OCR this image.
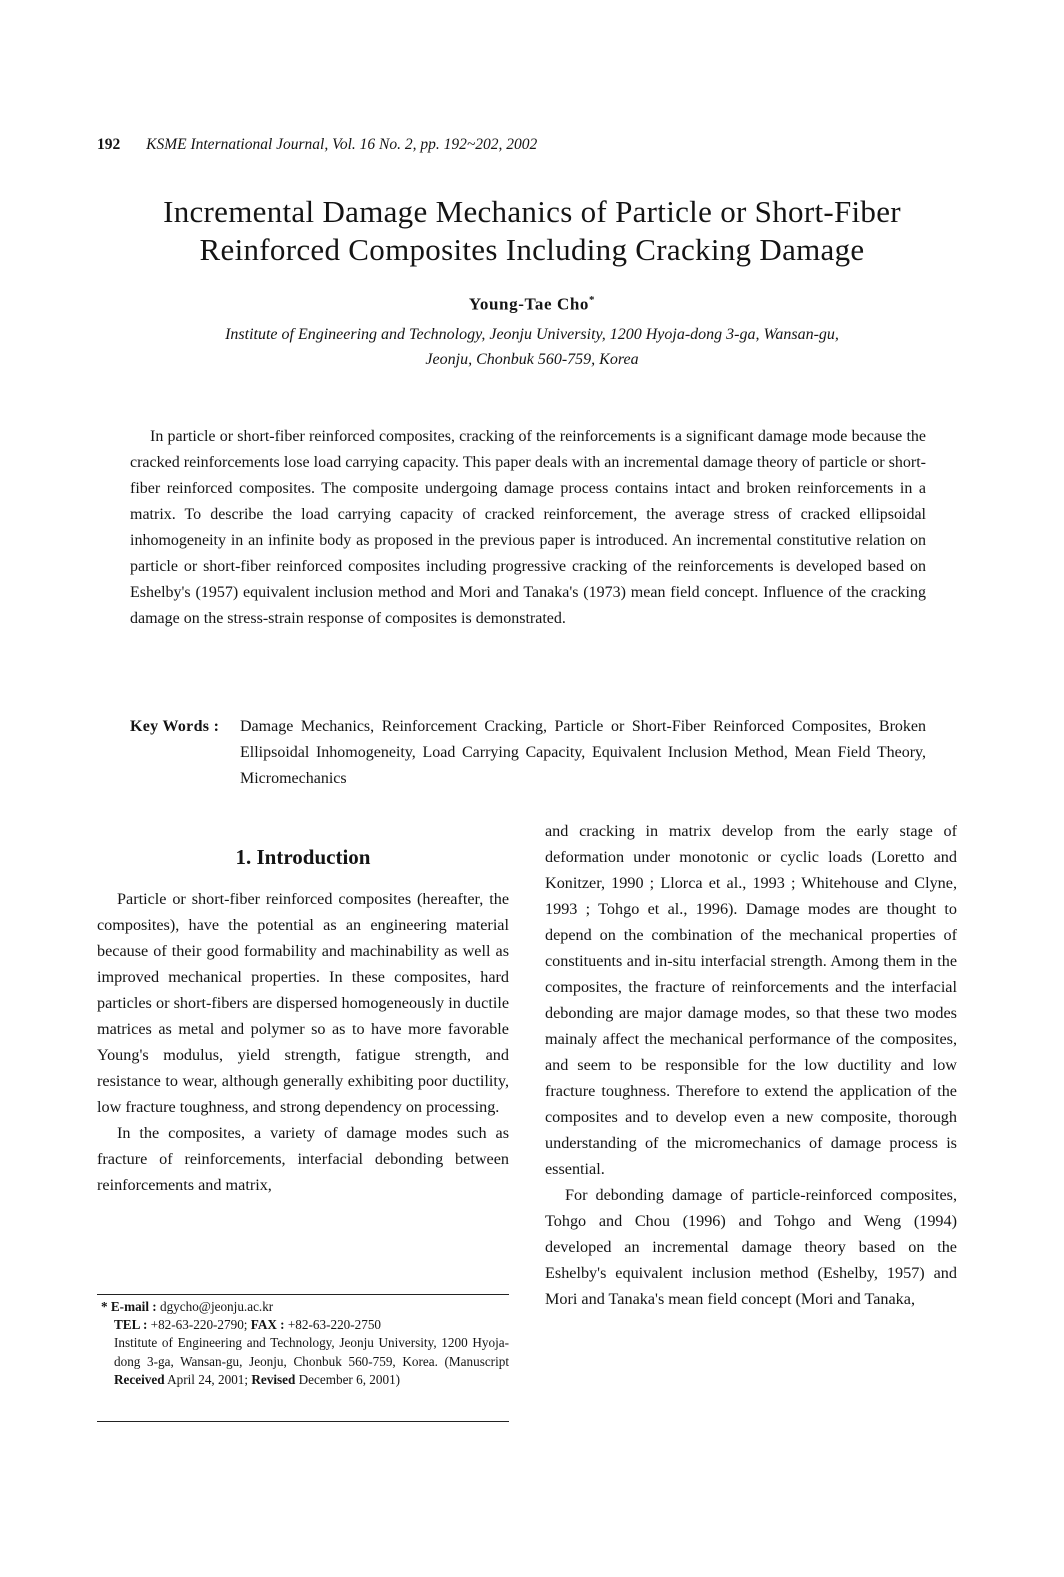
192 KSME International Journal, Vol. 16 No. 2, pp. 192~202, 2002
Incremental Damage Mechanics of Particle or Short-Fiber
Reinforced Composites Including Cracking Damage
Young-Tae Cho*
Institute of Engineering and Technology, Jeonju University, 1200 Hyoja-dong 3-ga, Wansan-gu,
Jeonju, Chonbuk 560-759, Korea
In particle or short-fiber reinforced composites, cracking of the reinforcements is a significant damage mode because the cracked reinforcements lose load carrying capacity. This paper deals with an incremental damage theory of particle or short-fiber reinforced composites. The composite undergoing damage process contains intact and broken reinforcements in a matrix. To describe the load carrying capacity of cracked reinforcement, the average stress of cracked ellipsoidal inhomogeneity in an infinite body as proposed in the previous paper is introduced. An incremental constitutive relation on particle or short-fiber reinforced composites including progressive cracking of the reinforcements is developed based on Eshelby's (1957) equivalent inclusion method and Mori and Tanaka's (1973) mean field concept. Influence of the cracking damage on the stress-strain response of composites is demonstrated.
Key Words : Damage Mechanics, Reinforcement Cracking, Particle or Short-Fiber Reinforced Composites, Broken Ellipsoidal Inhomogeneity, Load Carrying Capacity, Equivalent Inclusion Method, Mean Field Theory, Micromechanics
1. Introduction

Particle or short-fiber reinforced composites (hereafter, the composites), have the potential as an engineering material because of their good formability and machinability as well as improved mechanical properties. In these composites, hard particles or short-fibers are dispersed homogeneously in ductile matrices as metal and polymer so as to have more favorable Young's modulus, yield strength, fatigue strength, and resistance to wear, although generally exhibiting poor ductility, low fracture toughness, and strong dependency on processing.

In the composites, a variety of damage modes such as fracture of reinforcements, interfacial debonding between reinforcements and matrix,

and cracking in matrix develop from the early stage of deformation under monotonic or cyclic loads (Loretto and Konitzer, 1990 ; Llorca et al., 1993 ; Whitehouse and Clyne, 1993 ; Tohgo et al., 1996). Damage modes are thought to depend on the combination of the mechanical properties of constituents and in-situ interfacial strength. Among them in the composites, the fracture of reinforcements and the interfacial debonding are major damage modes, so that these two modes mainaly affect the mechanical performance of the composites, and seem to be responsible for the low ductility and low fracture toughness. Therefore to extend the application of the composites and to develop even a new composite, thorough understanding of the micromechanics of damage process is essential.

For debonding damage of particle-reinforced composites, Tohgo and Chou (1996) and Tohgo and Weng (1994) developed an incremental damage theory based on the Eshelby's equivalent inclusion method (Eshelby, 1957) and Mori and Tanaka's mean field concept (Mori and Tanaka,

* E-mail : dgycho@jeonju.ac.kr
TEL : +82-63-220-2790; FAX : +82-63-220-2750
Institute of Engineering and Technology, Jeonju University, 1200 Hyoja-dong 3-ga, Wansan-gu, Jeonju, Chonbuk 560-759, Korea. (Manuscript Received April 24, 2001; Revised December 6, 2001)
